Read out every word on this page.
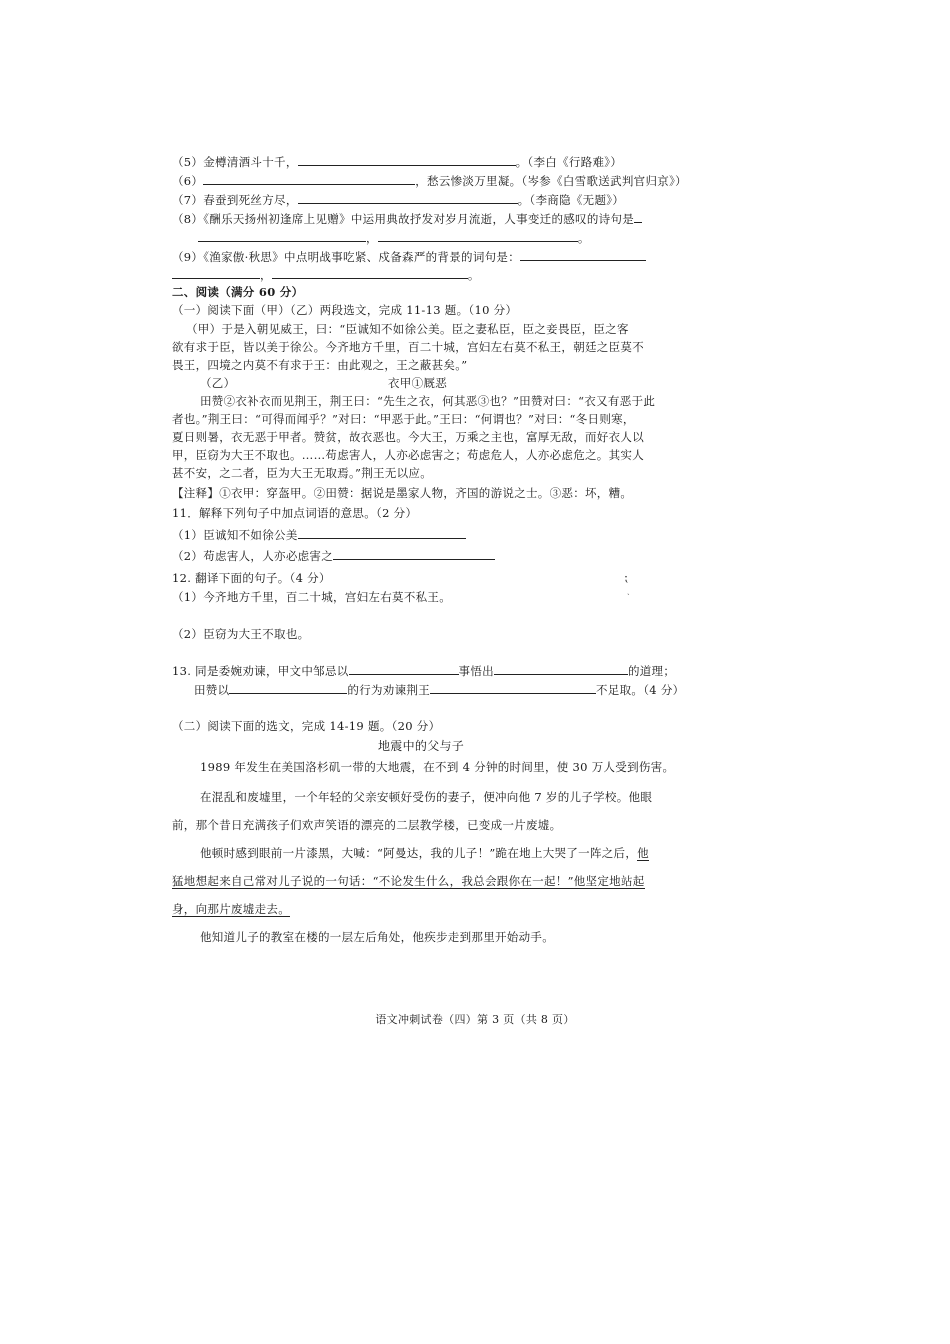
（5）金樽清酒斗十千，	。（李白《行路难》）
（6）	，愁云惨淡万里凝。（岑参《白雪歌送武判官归京》）
（7）春蚕到死丝方尽，	。（李商隐《无题》）
（8）《酬乐天扬州初逢席上见赠》中运用典故抒发对岁月流逝，人事变迁的感叹的诗句是
，	。
（9）《渔家傲·秋思》中点明战事吃紧、戍备森严的背景的词句是：
，	。
二、阅读（满分 60 分）
（一）阅读下面（甲）（乙）两段选文，完成 11-13 题。（10 分）
（甲）于是入朝见威王，曰：“臣诚知不如徐公美。臣之妻私臣，臣之妾畏臣，臣之客
欲有求于臣，皆以美于徐公。今齐地方千里，百二十城，宫妇左右莫不私王，朝廷之臣莫不
畏王，四境之内莫不有求于王：由此观之，王之蔽甚矣。”
（乙）	衣甲①厩恶
田赞②衣补衣而见荆王，荆王曰：“先生之衣，何其恶③也？”田赞对曰：“衣又有恶于此
者也。”荆王曰：“可得而闻乎？”对曰：“甲恶于此。”王曰：“何谓也？”对曰：“冬日则寒，
夏日则暑，衣无恶于甲者。赞贫，故衣恶也。今大王，万乘之主也，富厚无敌，而好衣人以
甲，臣窃为大王不取也。……苟虑害人，人亦必虑害之；苟虑危人，人亦必虑危之。其实人
甚不安，之二者，臣为大王无取焉。”荆王无以应。
【注释】①衣甲：穿盔甲。②田赞：据说是墨家人物，齐国的游说之士。③恶：坏，糟。
11．解释下列句子中加点词语的意思。（2 分）
（1）臣诚知不如徐公美
（2）苟虑害人，人亦必虑害之
12. 翻译下面的句子。（4 分）
（1）今齐地方千里，百二十城，宫妇左右莫不私王。
（2）臣窃为大王不取也。
⁏
ˏ
13. 同是委婉劝谏，甲文中邹忌以	事悟出	的道理；
田赞以	的行为劝谏荆王	不足取。（4 分）
（二）阅读下面的选文，完成 14-19 题。（20 分）
地震中的父与子
1989 年发生在美国洛杉矶一带的大地震，在不到 4 分钟的时间里，使 30 万人受到伤害。
在混乱和废墟里，一个年轻的父亲安顿好受伤的妻子，便冲向他 7 岁的儿子学校。他眼
前，那个昔日充满孩子们欢声笑语的漂亮的二层教学楼，已变成一片废墟。
他顿时感到眼前一片漆黑，大喊：“阿曼达，我的儿子！”跪在地上大哭了一阵之后，他
猛地想起来自己常对儿子说的一句话：“不论发生什么，我总会跟你在一起！”他坚定地站起
身，向那片废墟走去。
他知道儿子的教室在楼的一层左后角处，他疾步走到那里开始动手。
语文冲刺试卷（四）第 3 页（共 8 页）
